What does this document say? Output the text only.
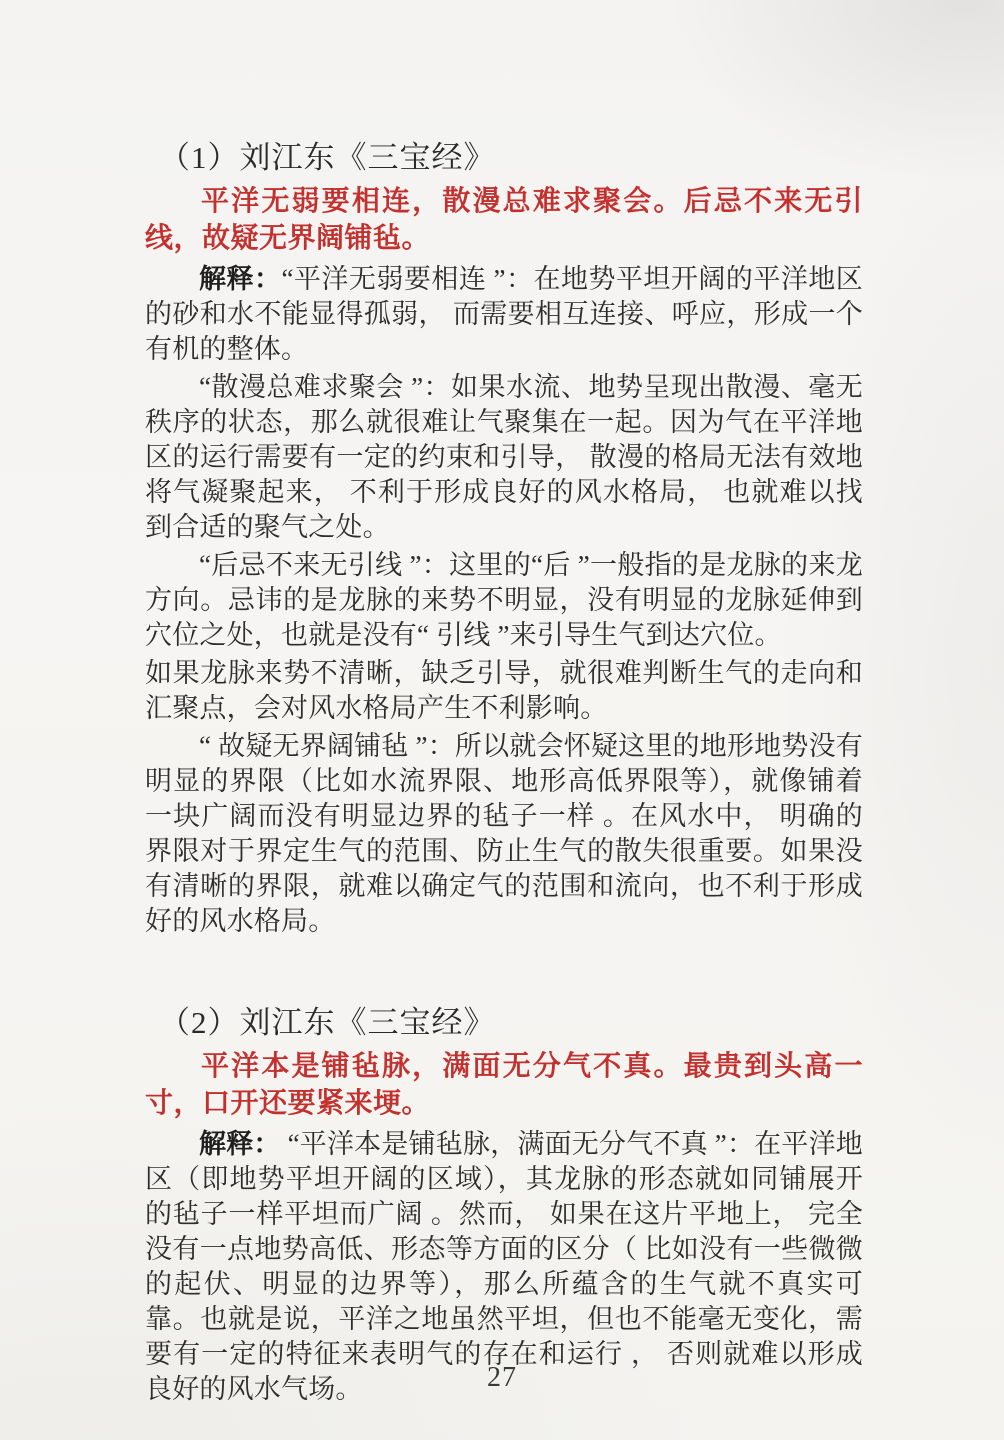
（1）刘江东《三宝经》

平洋无弱要相连，散漫总难求聚会。后忌不来无引线，故疑无界阔铺毡。

解释：“平洋无弱要相连 ”：在地势平坦开阔的平洋地区的砂和水不能显得孤弱， 而需要相互连接、呼应，形成一个有机的整体。

“散漫总难求聚会 ”：如果水流、地势呈现出散漫、毫无秩序的状态，那么就很难让气聚集在一起。因为气在平洋地区的运行需要有一定的约束和引导， 散漫的格局无法有效地将气凝聚起来， 不利于形成良好的风水格局， 也就难以找到合适的聚气之处。

“后忌不来无引线 ”：这里的“后 ”一般指的是龙脉的来龙方向。忌讳的是龙脉的来势不明显，没有明显的龙脉延伸到穴位之处，也就是没有“ 引线 ”来引导生气到达穴位。

如果龙脉来势不清晰，缺乏引导，就很难判断生气的走向和汇聚点，会对风水格局产生不利影响。

“ 故疑无界阔铺毡 ”：所以就会怀疑这里的地形地势没有明显的界限（比如水流界限、地形高低界限等），就像铺着一块广阔而没有明显边界的毡子一样 。在风水中， 明确的界限对于界定生气的范围、防止生气的散失很重要。如果没有清晰的界限，就难以确定气的范围和流向，也不利于形成好的风水格局。

（2）刘江东《三宝经》

平洋本是铺毡脉，满面无分气不真。最贵到头高一寸，口开还要紧来埂。

解释： “平洋本是铺毡脉，满面无分气不真 ”：在平洋地区（即地势平坦开阔的区域），其龙脉的形态就如同铺展开的毡子一样平坦而广阔 。然而， 如果在这片平地上， 完全没有一点地势高低、形态等方面的区分（ 比如没有一些微微的起伏、明显的边界等），那么所蕴含的生气就不真实可靠。也就是说，平洋之地虽然平坦，但也不能毫无变化，需要有一定的特征来表明气的存在和运行 ， 否则就难以形成良好的风水气场。	27
